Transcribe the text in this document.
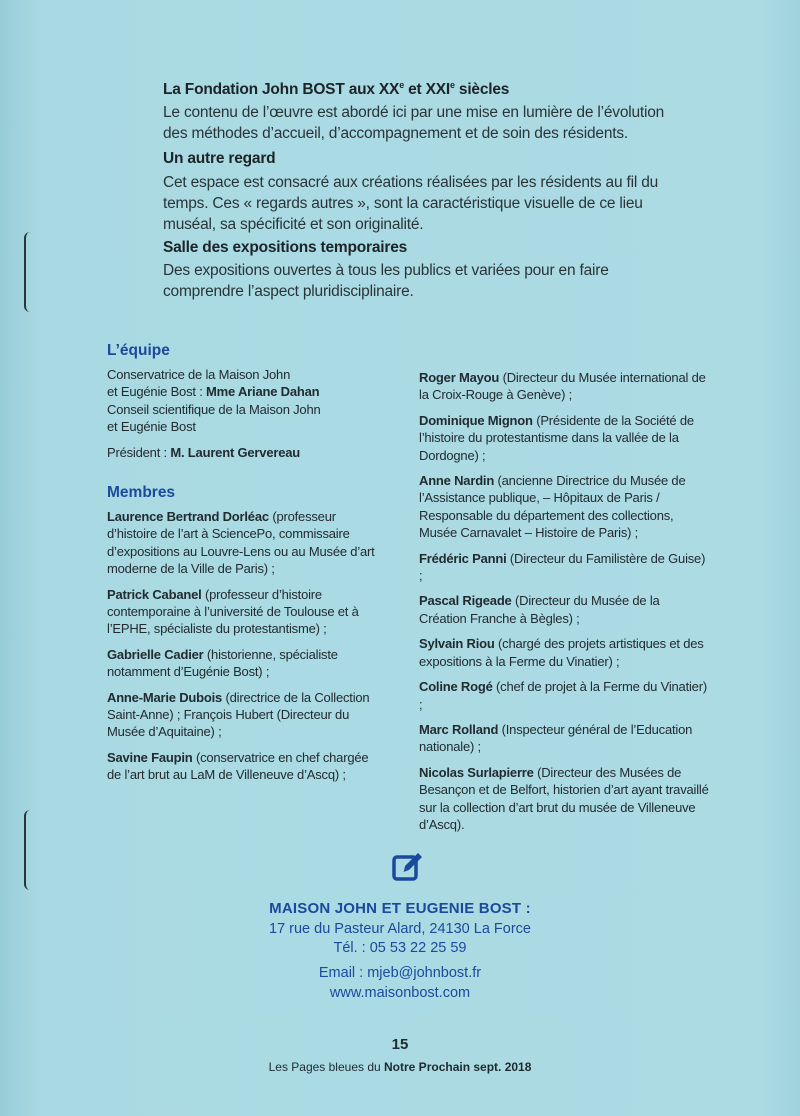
La Fondation John BOST aux XXe et XXIe siècles
Le contenu de l’œuvre est abordé ici par une mise en lumière de l’évolution des méthodes d’accueil, d’accompagnement et de soin des résidents.
Un autre regard
Cet espace est consacré aux créations réalisées par les résidents au fil du temps. Ces « regards autres », sont la caractéristique visuelle de ce lieu muséal, sa spécificité et son originalité.
Salle des expositions temporaires
Des expositions ouvertes à tous les publics et variées pour en faire comprendre l’aspect pluridisciplinaire.
L’équipe
Conservatrice de la Maison John
et Eugénie Bost : Mme Ariane Dahan
Conseil scientifique de la Maison John
et Eugénie Bost
Président : M. Laurent Gervereau
Membres

Laurence Bertrand Dorléac (professeur d’histoire de l’art à SciencePo, commissaire d’expositions au Louvre-Lens ou au Musée d’art moderne de la Ville de Paris) ;

Patrick Cabanel (professeur d’histoire contemporaine à l’université de Toulouse et à l’EPHE, spécialiste du protestantisme) ;

Gabrielle Cadier (historienne, spécialiste notamment d’Eugénie Bost) ;

Anne-Marie Dubois (directrice de la Collection Saint-Anne) ; François Hubert (Directeur du Musée d’Aquitaine) ;

Savine Faupin (conservatrice en chef chargée de l’art brut au LaM de Villeneuve d’Ascq) ;

Roger Mayou (Directeur du Musée international de la Croix-Rouge à Genève) ;

Dominique Mignon (Présidente de la Société de l’histoire du protestantisme dans la vallée de la Dordogne) ;

Anne Nardin (ancienne Directrice du Musée de l’Assistance publique, – Hôpitaux de Paris / Responsable du département des collections, Musée Carnavalet – Histoire de Paris) ;

Frédéric Panni (Directeur du Familistère de Guise) ;

Pascal Rigeade (Directeur du Musée de la Création Franche à Bègles) ;

Sylvain Riou (chargé des projets artistiques et des expositions à la Ferme du Vinatier) ;

Coline Rogé (chef de projet à la Ferme du Vinatier) ;

Marc Rolland (Inspecteur général de l’Education nationale) ;

Nicolas Surlapierre (Directeur des Musées de Besançon et de Belfort, historien d’art ayant travaillé sur la collection d’art brut du musée de Villeneuve d’Ascq).

MAISON JOHN ET EUGENIE BOST :
17 rue du Pasteur Alard, 24130 La Force
Tél. : 05 53 22 25 59
Email : mjeb@johnbost.fr
www.maisonbost.com
15
Les Pages bleues du Notre Prochain sept. 2018
